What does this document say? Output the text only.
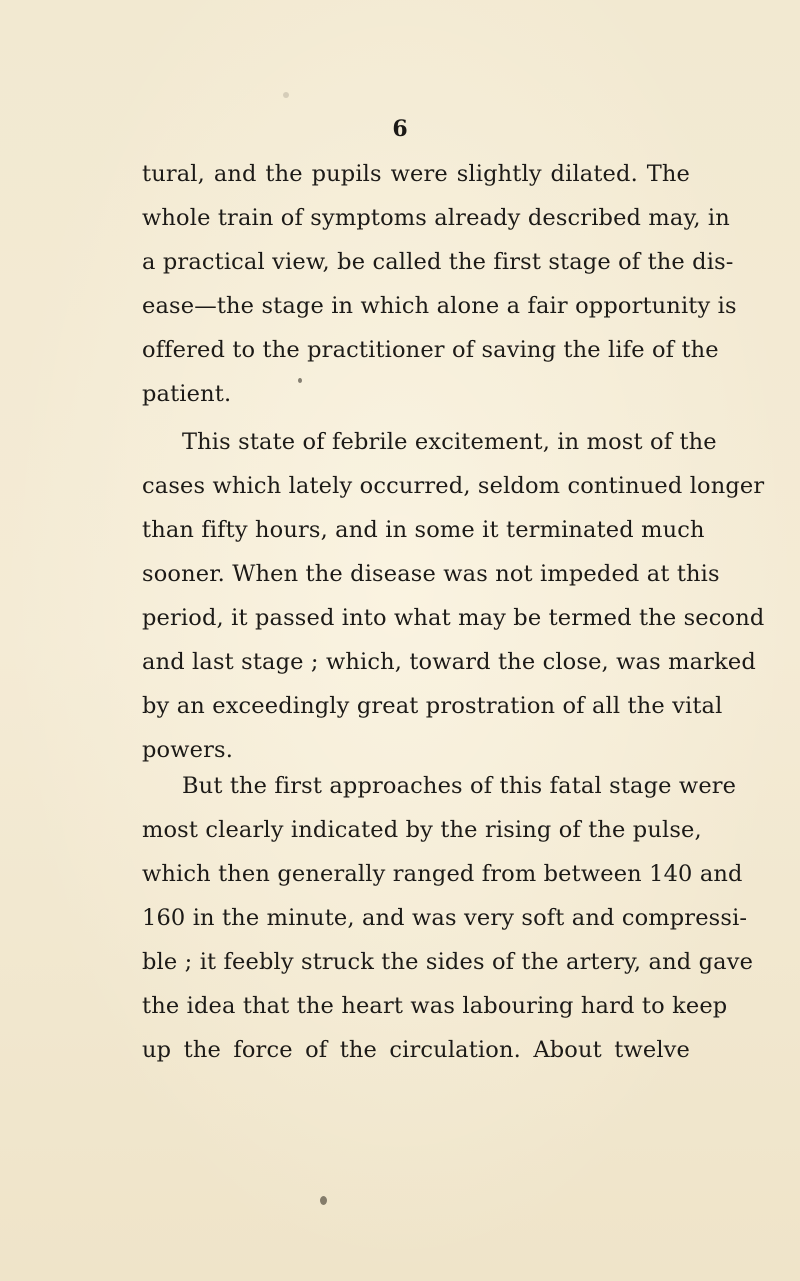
6
tural, and the pupils were slightly dilated. The
whole train of symptoms already described may, in
a practical view, be called the first stage of the dis-
ease—the stage in which alone a fair opportunity is
offered to the practitioner of saving the life of the
patient.
This state of febrile excitement, in most of the
cases which lately occurred, seldom continued longer
than fifty hours, and in some it terminated much
sooner. When the disease was not impeded at this
period, it passed into what may be termed the second
and last stage ; which, toward the close, was marked
by an exceedingly great prostration of all the vital
powers.
But the first approaches of this fatal stage were
most clearly indicated by the rising of the pulse,
which then generally ranged from between 140 and
160 in the minute, and was very soft and compressi-
ble ; it feebly struck the sides of the artery, and gave
the idea that the heart was labouring hard to keep
up the force of the circulation. About twelve
